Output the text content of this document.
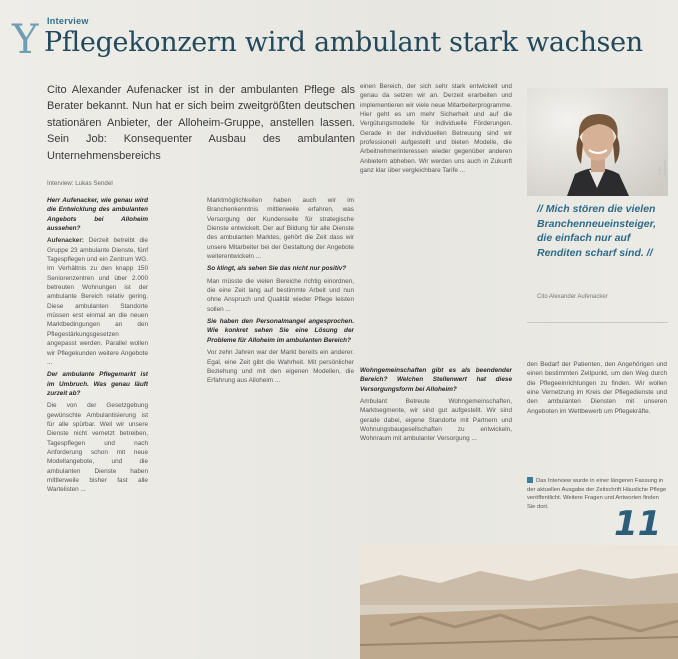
Y Interview
Pflegekonzern wird ambulant stark wachsen
Cito Alexander Aufenacker ist in der ambulanten Pflege als Berater bekannt. Nun hat er sich beim zweitgrößten deutschen stationären Anbieter, der Alloheim-Gruppe, anstellen lassen. Sein Job: Konsequenter Ausbau des ambulanten Unternehmensbereichs
Interview: Lukas Sendel

Herr Aufenacker, wie genau wird die Entwicklung des ambulanten Angebots bei Alloheim aussehen?

Aufenacker: Derzeit betreibt die Gruppe 23 ambulante Dienste, fünf Tagespflegen und ein Zentrum WG. Im Verhältnis zu den knapp 150 Seniorenzentren und über 2.000 betreuten Wohnungen ist der ambulante Bereich relativ gering. Diese ambulanten Standorte müssen erst einmal an die neuen Marktbedingungen an den Pflegestärkungsgesetzen angepasst werden. Parallel wollen wir Pflegekunden weitere Angebote ...

Der ambulante Pflegemarkt ist im Umbruch. Was genau läuft zurzeit ab?

Die von der Gesetzgebung gewünschte Ambulantisierung ist für alle spürbar. Weil wir unsere Dienste nicht vernetzt betreiben, Tagespflegen und nach Anforderung schon mit neue Modellangebote, und die ambulanten Dienste haben mittlerweile bisher fast alle Wartelisten ...

Marktmöglichkeiten haben auch wir im Branchenkenntnis mittlerweile erfahren, was Versorgung der Kundenseite für strategische Dienste entwickelt. Der auf Bildung für alle Dienste des ambulanten Marktes, gehört die Zeit dass wir unsere Mitarbeiter bei der Gestaltung der Angebote weiterentwickeln ...

So klingt, als sehen Sie das nicht nur positiv?

Man müsste die vielen Bereiche richtig einordnen, die eine Zeit lang auf bestimmte Arbeit und nun ohne Anspruch und Qualität wieder Pflege leisten sollen ...

Sie haben den Personalmangel angesprochen. Wie konkret sehen Sie eine Lösung der Probleme für Alloheim im ambulanten Bereich?

Vor zehn Jahren war der Markt bereits ein anderer. Egal, eine Zeit gibt die Wahrheit. Mit persönlicher Beziehung und mit den eigenen Modellen, die Erfahrung aus Alloheim ...

einen Bereich, der sich sehr stark entwickelt und genau da setzen wir an. Derzeit erarbeiten und implementieren wir viele neue Mitarbeiterprogramme. Hier geht es um mehr Sicherheit und auf die Vergütungsmodelle für individuelle Förderungen. Gerade in der individuellen Betreuung sind wir professionell aufgestellt und bieten Modelle, die Arbeitnehmerinteressen wieder gegenüber anderen Anbietern abheben. Wir werden uns auch in Zukunft ganz klar über vergleichbare Tarife ...

Wohngemeinschaften gibt es als beendender Bereich? Welchen Stellenwert hat diese Versorgungsform bei Alloheim?

Ambulant Betreute Wohngemeinschaften, Marktsegmente, wir sind gut aufgestellt. Wir sind gerade dabei, eigene Standorte mit Partnern und Wohnungsbaugesellschaften zu entwickeln, Wohnraum mit ambulanter Versorgung ...

Foto: Alloheim
// Mich stören die vielen Branchenneueinsteiger, die einfach nur auf Renditen scharf sind. //
Cito Alexander Aufenacker

den Bedarf der Patienten, den Angehörigen und einen bestimmten Zeitpunkt, um den Weg durch die Pflegeeinrichtungen zu finden. Wir wollen eine Vernetzung im Kreis der Pflegedienste und den ambulanten Diensten mit unseren Angeboten im Wettbewerb um Pflegekräfte.

Das Interview wurde in einer längeren Fassung in der aktuellen Ausgabe der Zeitschrift Häusliche Pflege veröffentlicht. Weitere Fragen und Antworten finden Sie dort.	11
